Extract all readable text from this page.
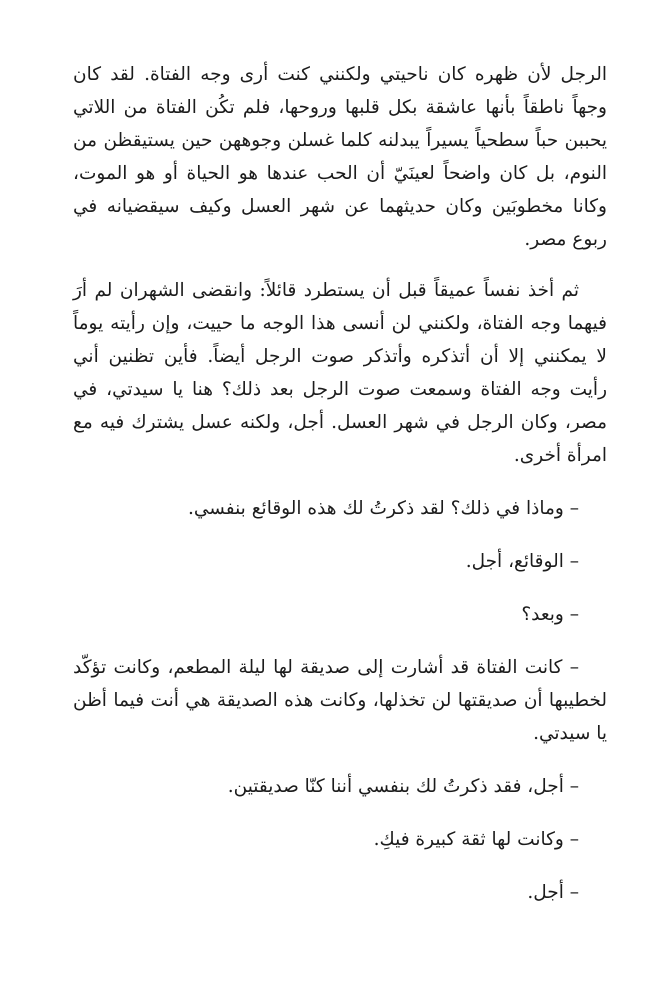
الرجل لأن ظهره كان ناحيتي ولكنني كنت أرى وجه الفتاة. لقد كان وجهاً ناطقاً بأنها عاشقة بكل قلبها وروحها، فلم تكُن الفتاة من اللاتي يحببن حباً سطحياً يسيراً يبدلنه كلما غسلن وجوههن حين يستيقظن من النوم، بل كان واضحاً لعينَيّ أن الحب عندها هو الحياة أو هو الموت، وكانا مخطوبَين وكان حديثهما عن شهر العسل وكيف سيقضيانه في ربوع مصر.

ثم أخذ نفساً عميقاً قبل أن يستطرد قائلاً: وانقضى الشهران لم أرَ فيهما وجه الفتاة، ولكنني لن أنسى هذا الوجه ما حييت، وإن رأيته يوماً لا يمكنني إلا أن أتذكره وأتذكر صوت الرجل أيضاً. فأين تظنين أني رأيت وجه الفتاة وسمعت صوت الرجل بعد ذلك؟ هنا يا سيدتي، في مصر، وكان الرجل في شهر العسل. أجل، ولكنه عسل يشترك فيه مع امرأة أخرى.

– وماذا في ذلك؟ لقد ذكرتُ لك هذه الوقائع بنفسي.

– الوقائع، أجل.

– وبعد؟

– كانت الفتاة قد أشارت إلى صديقة لها ليلة المطعم، وكانت تؤكّد لخطيبها أن صديقتها لن تخذلها، وكانت هذه الصديقة هي أنت فيما أظن يا سيدتي.

– أجل، فقد ذكرتُ لك بنفسي أننا كنّا صديقتين.

– وكانت لها ثقة كبيرة فيكِ.

– أجل.
